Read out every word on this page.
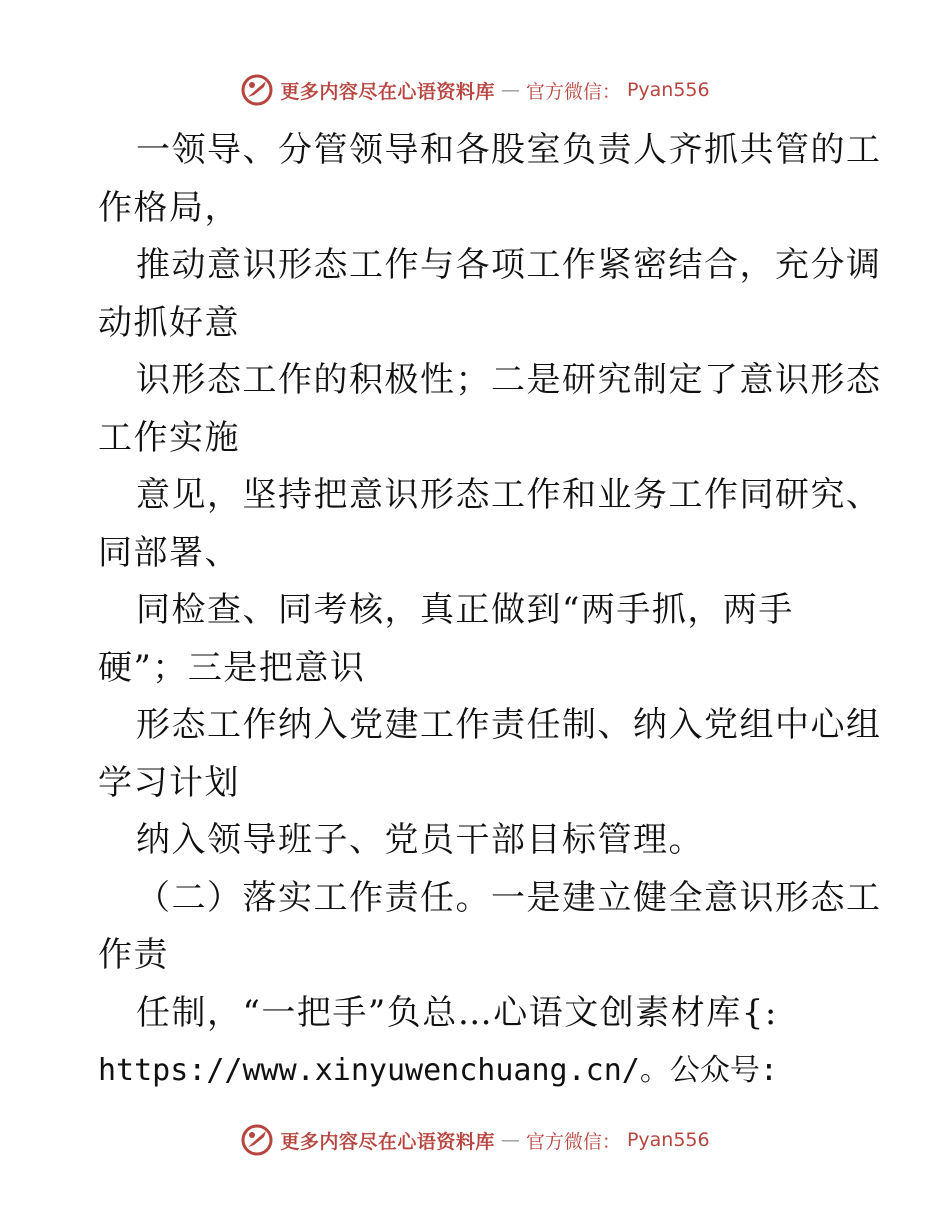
更多内容尽在心语资料库 — 官方微信： Pyan556
一领导、分管领导和各股室负责人齐抓共管的工
作格局，
推动意识形态工作与各项工作紧密结合，充分调
动抓好意
识形态工作的积极性；二是研究制定了意识形态
工作实施
意见，坚持把意识形态工作和业务工作同研究、
同部署、
同检查、同考核，真正做到“两手抓，两手
硬”；三是把意识
形态工作纳入党建工作责任制、纳入党组中心组
学习计划
纳入领导班子、党员干部目标管理。
（二）落实工作责任。一是建立健全意识形态工
作责
任制，“一把手”负总…心语文创素材库{:
https://www.xinyuwenchuang.cn/。公众号:
更多内容尽在心语资料库 — 官方微信： Pyan556
